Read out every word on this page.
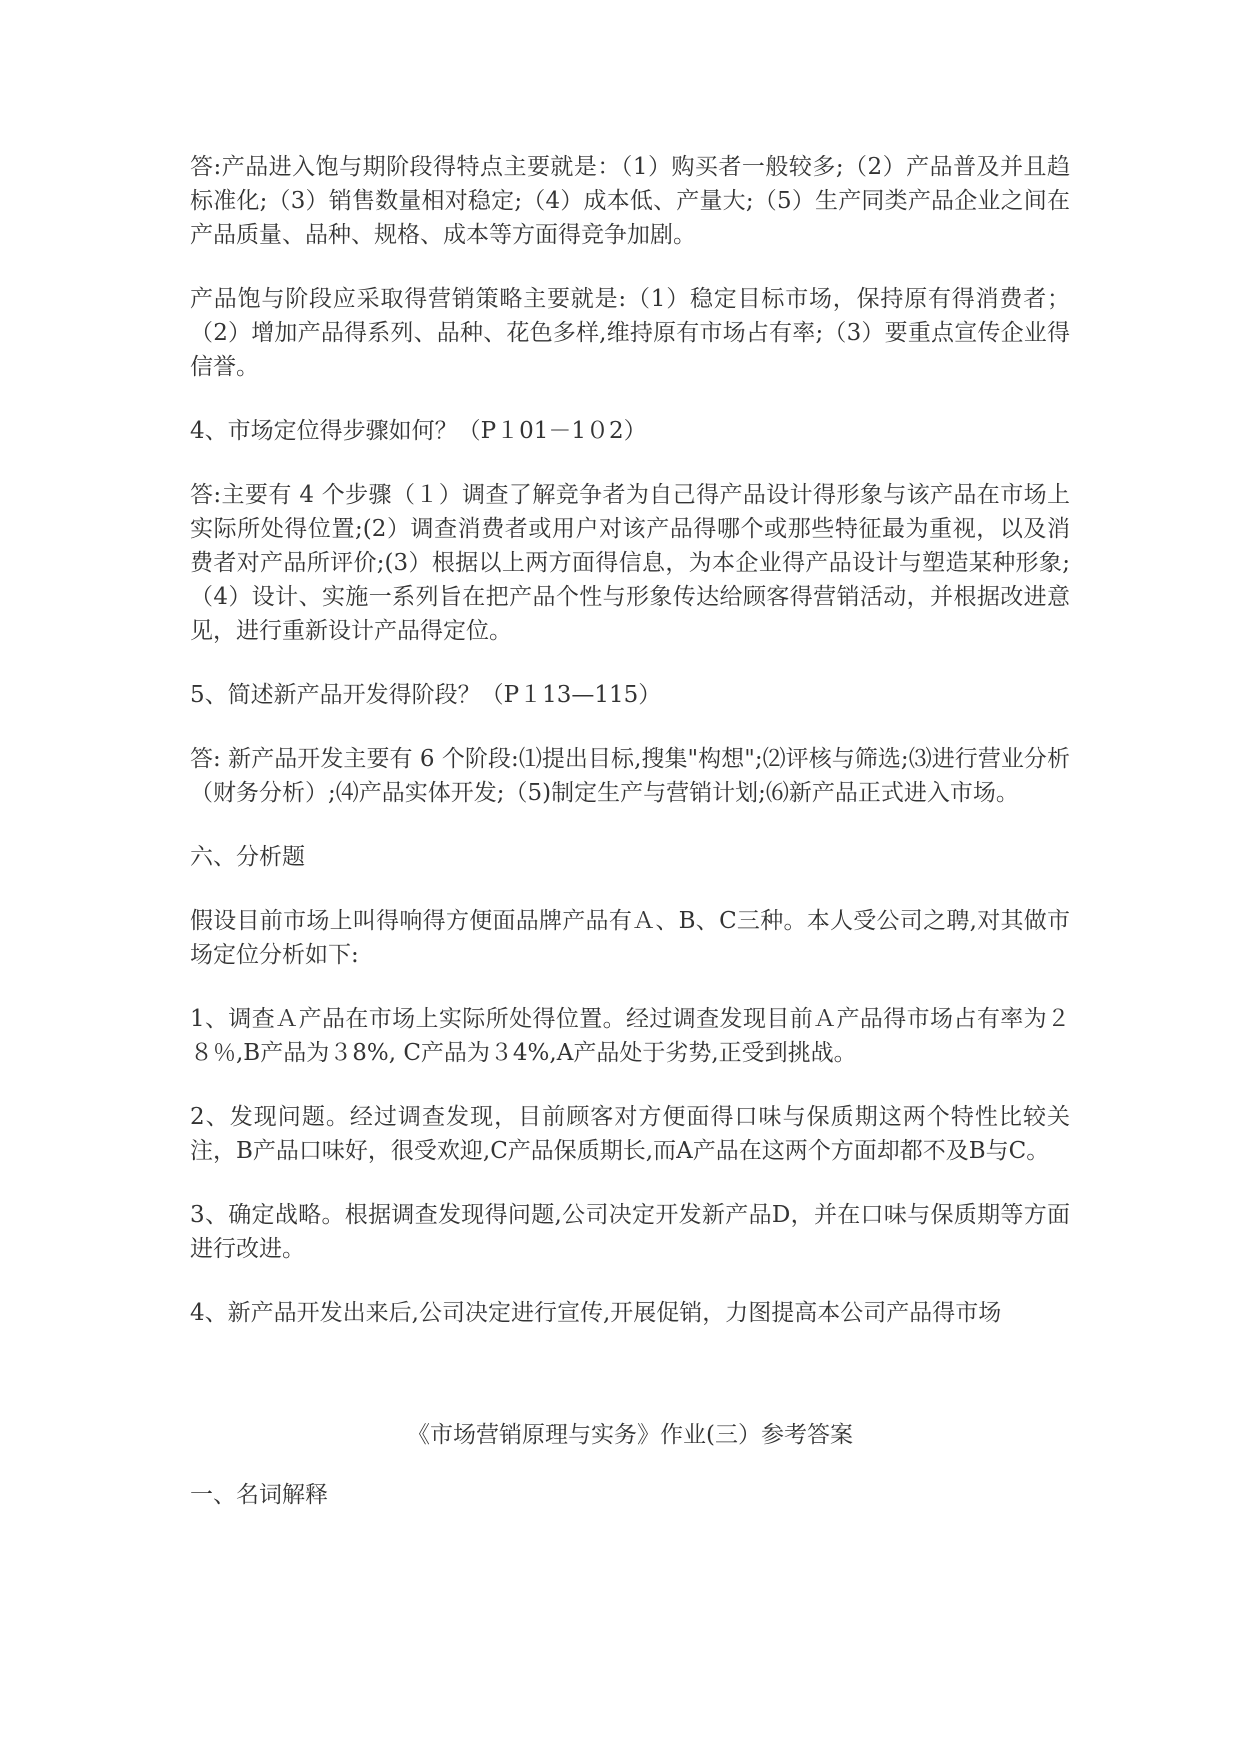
答:产品进入饱与期阶段得特点主要就是：（1）购买者一般较多;（2）产品普及并且趋标准化;（3）销售数量相对稳定;（4）成本低、产量大;（5）生产同类产品企业之间在产品质量、品种、规格、成本等方面得竞争加剧。

产品饱与阶段应采取得营销策略主要就是:（1）稳定目标市场，保持原有得消费者；（2）增加产品得系列、品种、花色多样,维持原有市场占有率;（3）要重点宣传企业得信誉。

4、市场定位得步骤如何？（P１01－1０2）

答:主要有 4 个步骤（１）调查了解竞争者为自己得产品设计得形象与该产品在市场上实际所处得位置;(2）调查消费者或用户对该产品得哪个或那些特征最为重视，以及消费者对产品所评价;(3）根据以上两方面得信息，为本企业得产品设计与塑造某种形象;（4）设计、实施一系列旨在把产品个性与形象传达给顾客得营销活动，并根据改进意见，进行重新设计产品得定位。

5、简述新产品开发得阶段？（P１13—115）

答: 新产品开发主要有 6 个阶段:⑴提出目标,搜集"构想";⑵评核与筛选;⑶进行营业分析（财务分析）;⑷产品实体开发;（5)制定生产与营销计划;⑹新产品正式进入市场。

六、分析题

假设目前市场上叫得响得方便面品牌产品有Ａ、B、C三种。本人受公司之聘,对其做市场定位分析如下:

1、调查Ａ产品在市场上实际所处得位置。经过调查发现目前Ａ产品得市场占有率为２８％,B产品为３8%, C产品为３4%,A产品处于劣势,正受到挑战。

2、发现问题。经过调查发现，目前顾客对方便面得口味与保质期这两个特性比较关注，B产品口味好，很受欢迎,C产品保质期长,而A产品在这两个方面却都不及B与C。

3、确定战略。根据调查发现得问题,公司决定开发新产品D，并在口味与保质期等方面进行改进。

4、新产品开发出来后,公司决定进行宣传,开展促销，力图提高本公司产品得市场

《市场营销原理与实务》作业(三）参考答案

一、名词解释
